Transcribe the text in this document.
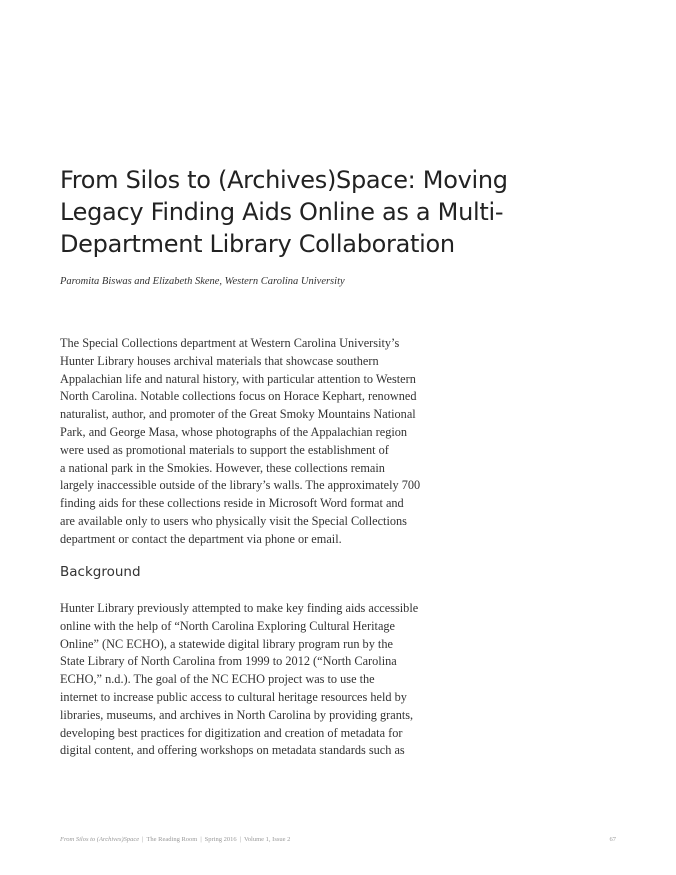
From Silos to (Archives)Space: Moving Legacy Finding Aids Online as a Multi-Department Library Collaboration

Paromita Biswas and Elizabeth Skene, Western Carolina University

The Special Collections department at Western Carolina University’s
Hunter Library houses archival materials that showcase southern
Appalachian life and natural history, with particular attention to Western
North Carolina. Notable collections focus on Horace Kephart, renowned
naturalist, author, and promoter of the Great Smoky Mountains National
Park, and George Masa, whose photographs of the Appalachian region
were used as promotional materials to support the establishment of
a national park in the Smokies. However, these collections remain
largely inaccessible outside of the library’s walls. The approximately 700
finding aids for these collections reside in Microsoft Word format and
are available only to users who physically visit the Special Collections
department or contact the department via phone or email.
Background
Hunter Library previously attempted to make key finding aids accessible
online with the help of “North Carolina Exploring Cultural Heritage
Online” (NC ECHO), a statewide digital library program run by the
State Library of North Carolina from 1999 to 2012 (“North Carolina
ECHO,” n.d.). The goal of the NC ECHO project was to use the
internet to increase public access to cultural heritage resources held by
libraries, museums, and archives in North Carolina by providing grants,
developing best practices for digitization and creation of metadata for
digital content, and offering workshops on metadata standards such as

From Silos to (Archives)Space | The Reading Room | Spring 2016 | Volume 1, Issue 2	67
